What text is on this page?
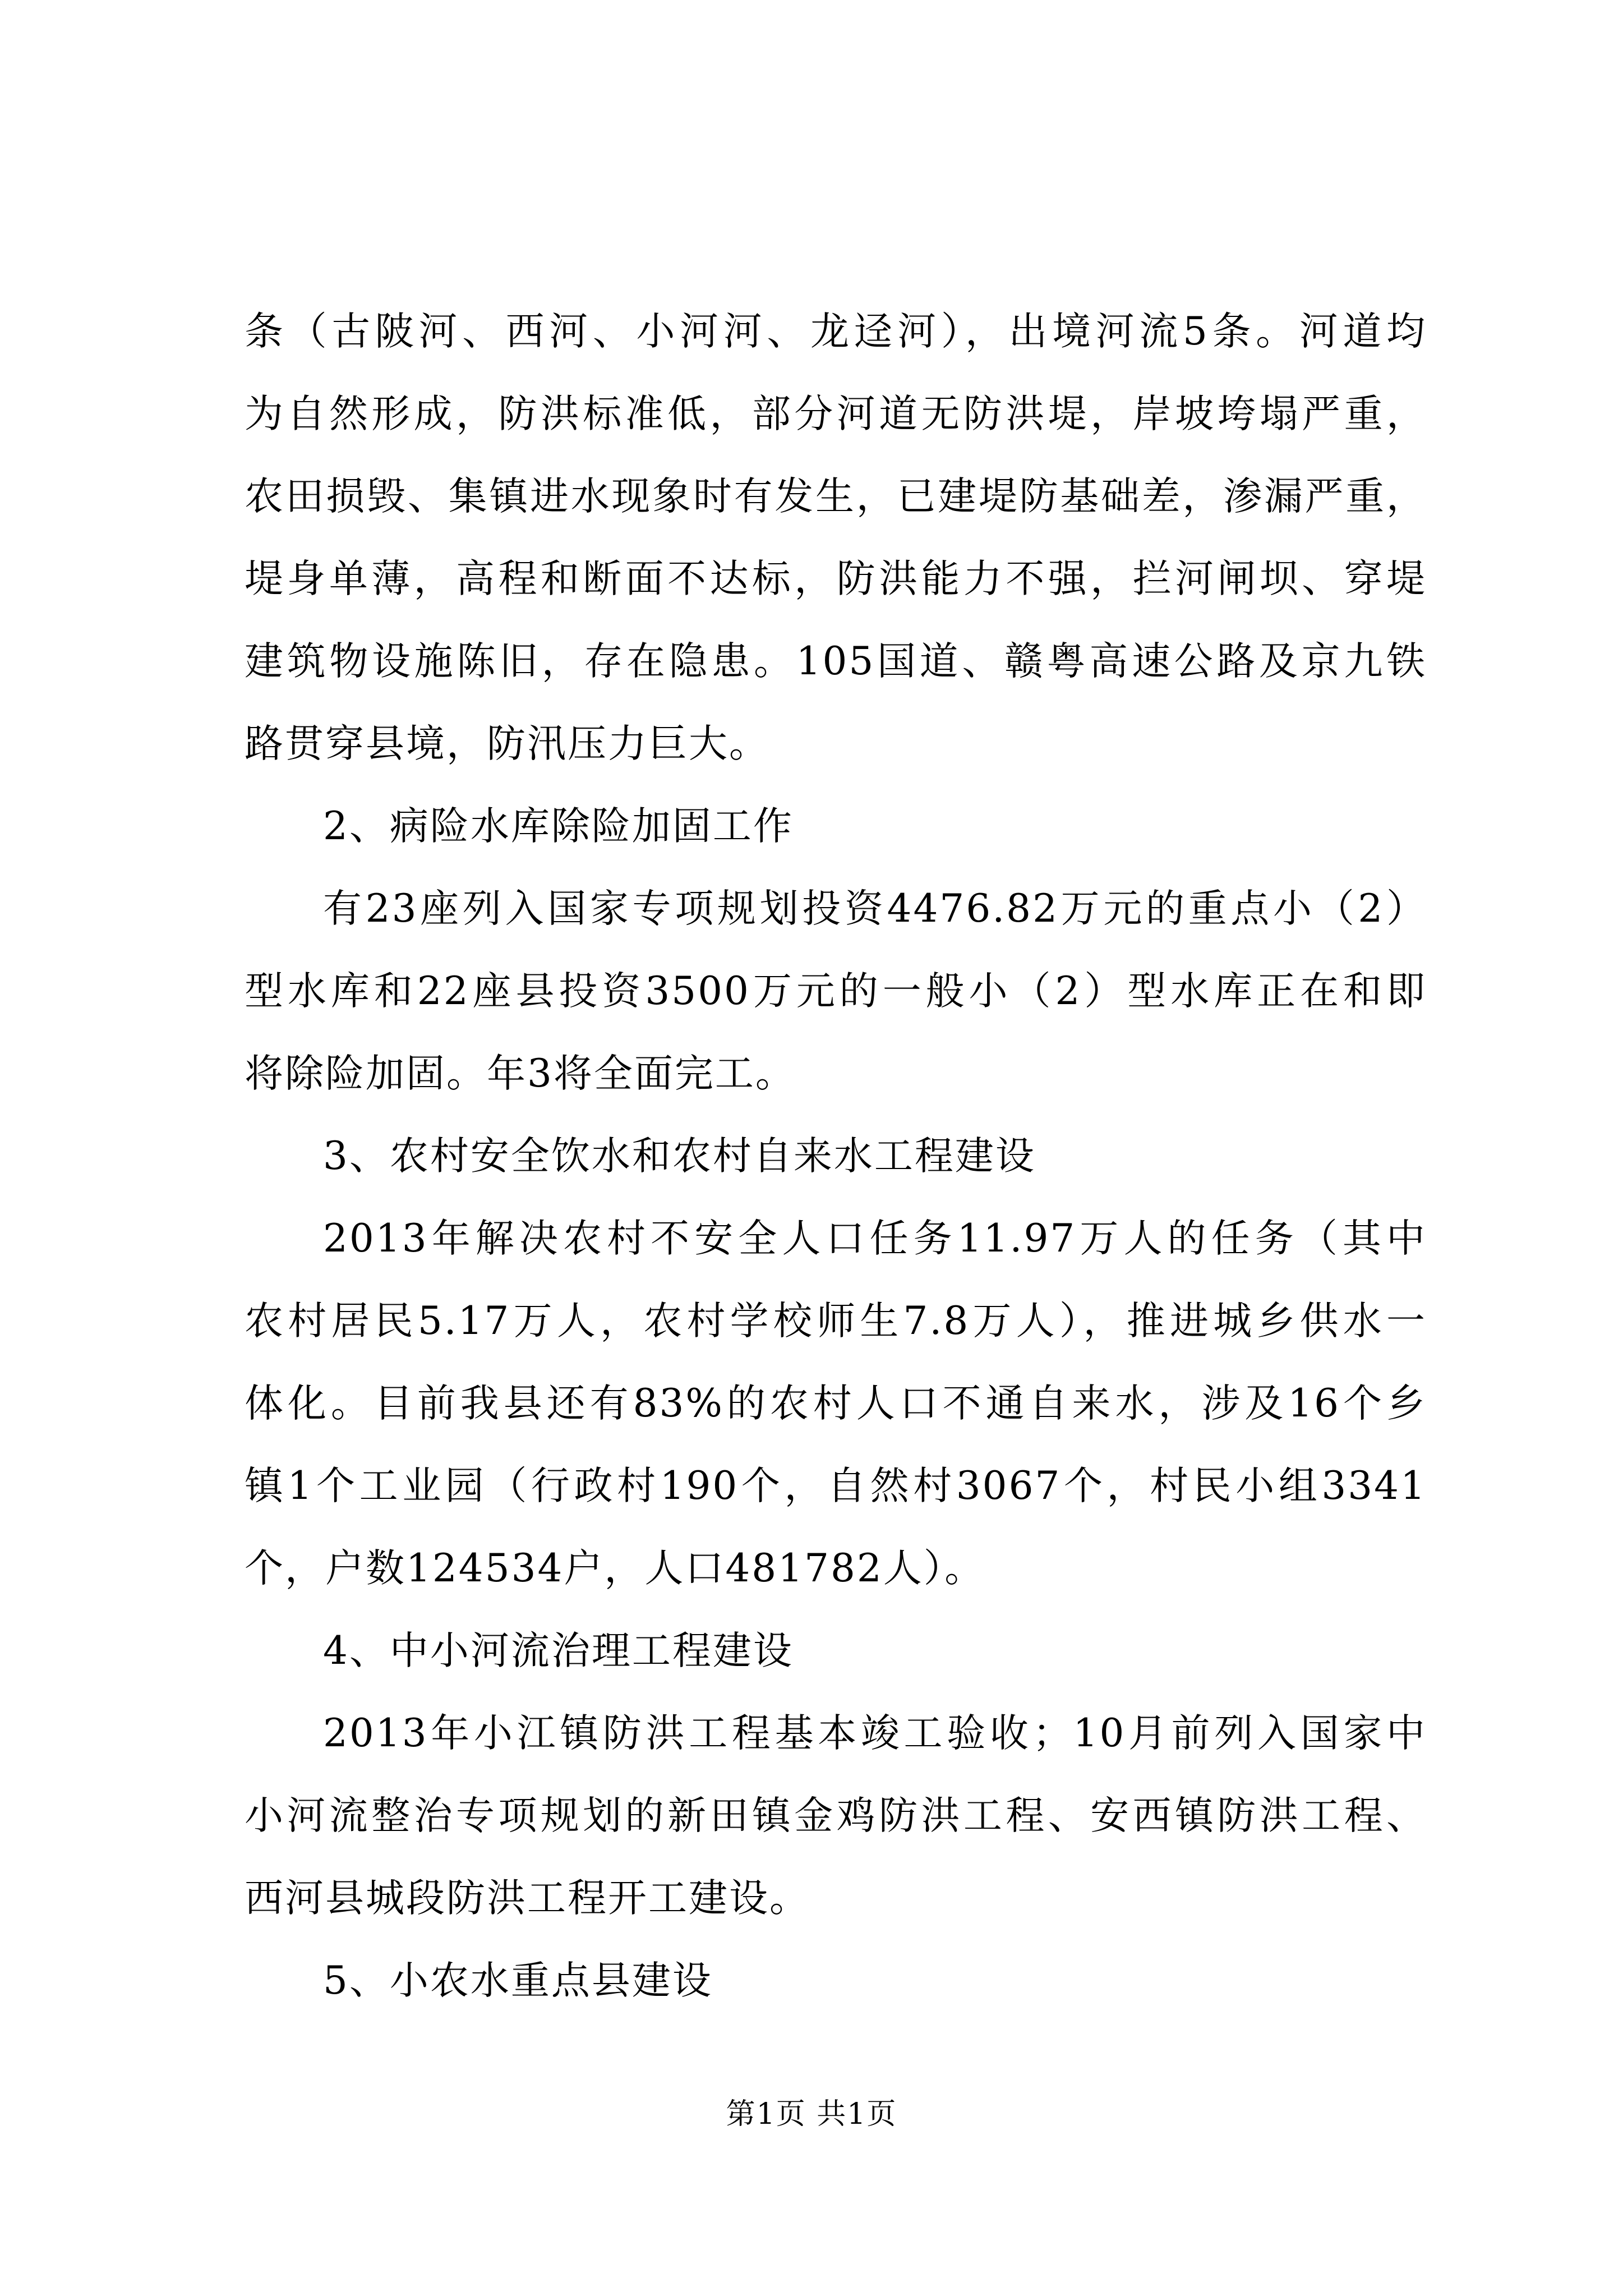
条（古陂河、西河、小河河、龙迳河），出境河流5条。河道均
为自然形成，防洪标准低，部分河道无防洪堤，岸坡垮塌严重，
农田损毁、集镇进水现象时有发生，已建堤防基础差，渗漏严重，
堤身单薄，高程和断面不达标，防洪能力不强，拦河闸坝、穿堤
建筑物设施陈旧，存在隐患。105国道、赣粤高速公路及京九铁
路贯穿县境，防汛压力巨大。
2、病险水库除险加固工作
有23座列入国家专项规划投资4476.82万元的重点小（2）
型水库和22座县投资3500万元的一般小（2）型水库正在和即
将除险加固。年3将全面完工。
3、农村安全饮水和农村自来水工程建设
2013年解决农村不安全人口任务11.97万人的任务（其中
农村居民5.17万人，农村学校师生7.8万人），推进城乡供水一
体化。目前我县还有83%的农村人口不通自来水，涉及16个乡
镇1个工业园（行政村190个，自然村3067个，村民小组3341
个，户数124534户，人口481782人）。
4、中小河流治理工程建设
2013年小江镇防洪工程基本竣工验收；10月前列入国家中
小河流整治专项规划的新田镇金鸡防洪工程、安西镇防洪工程、
西河县城段防洪工程开工建设。
5、小农水重点县建设
第1页 共1页
